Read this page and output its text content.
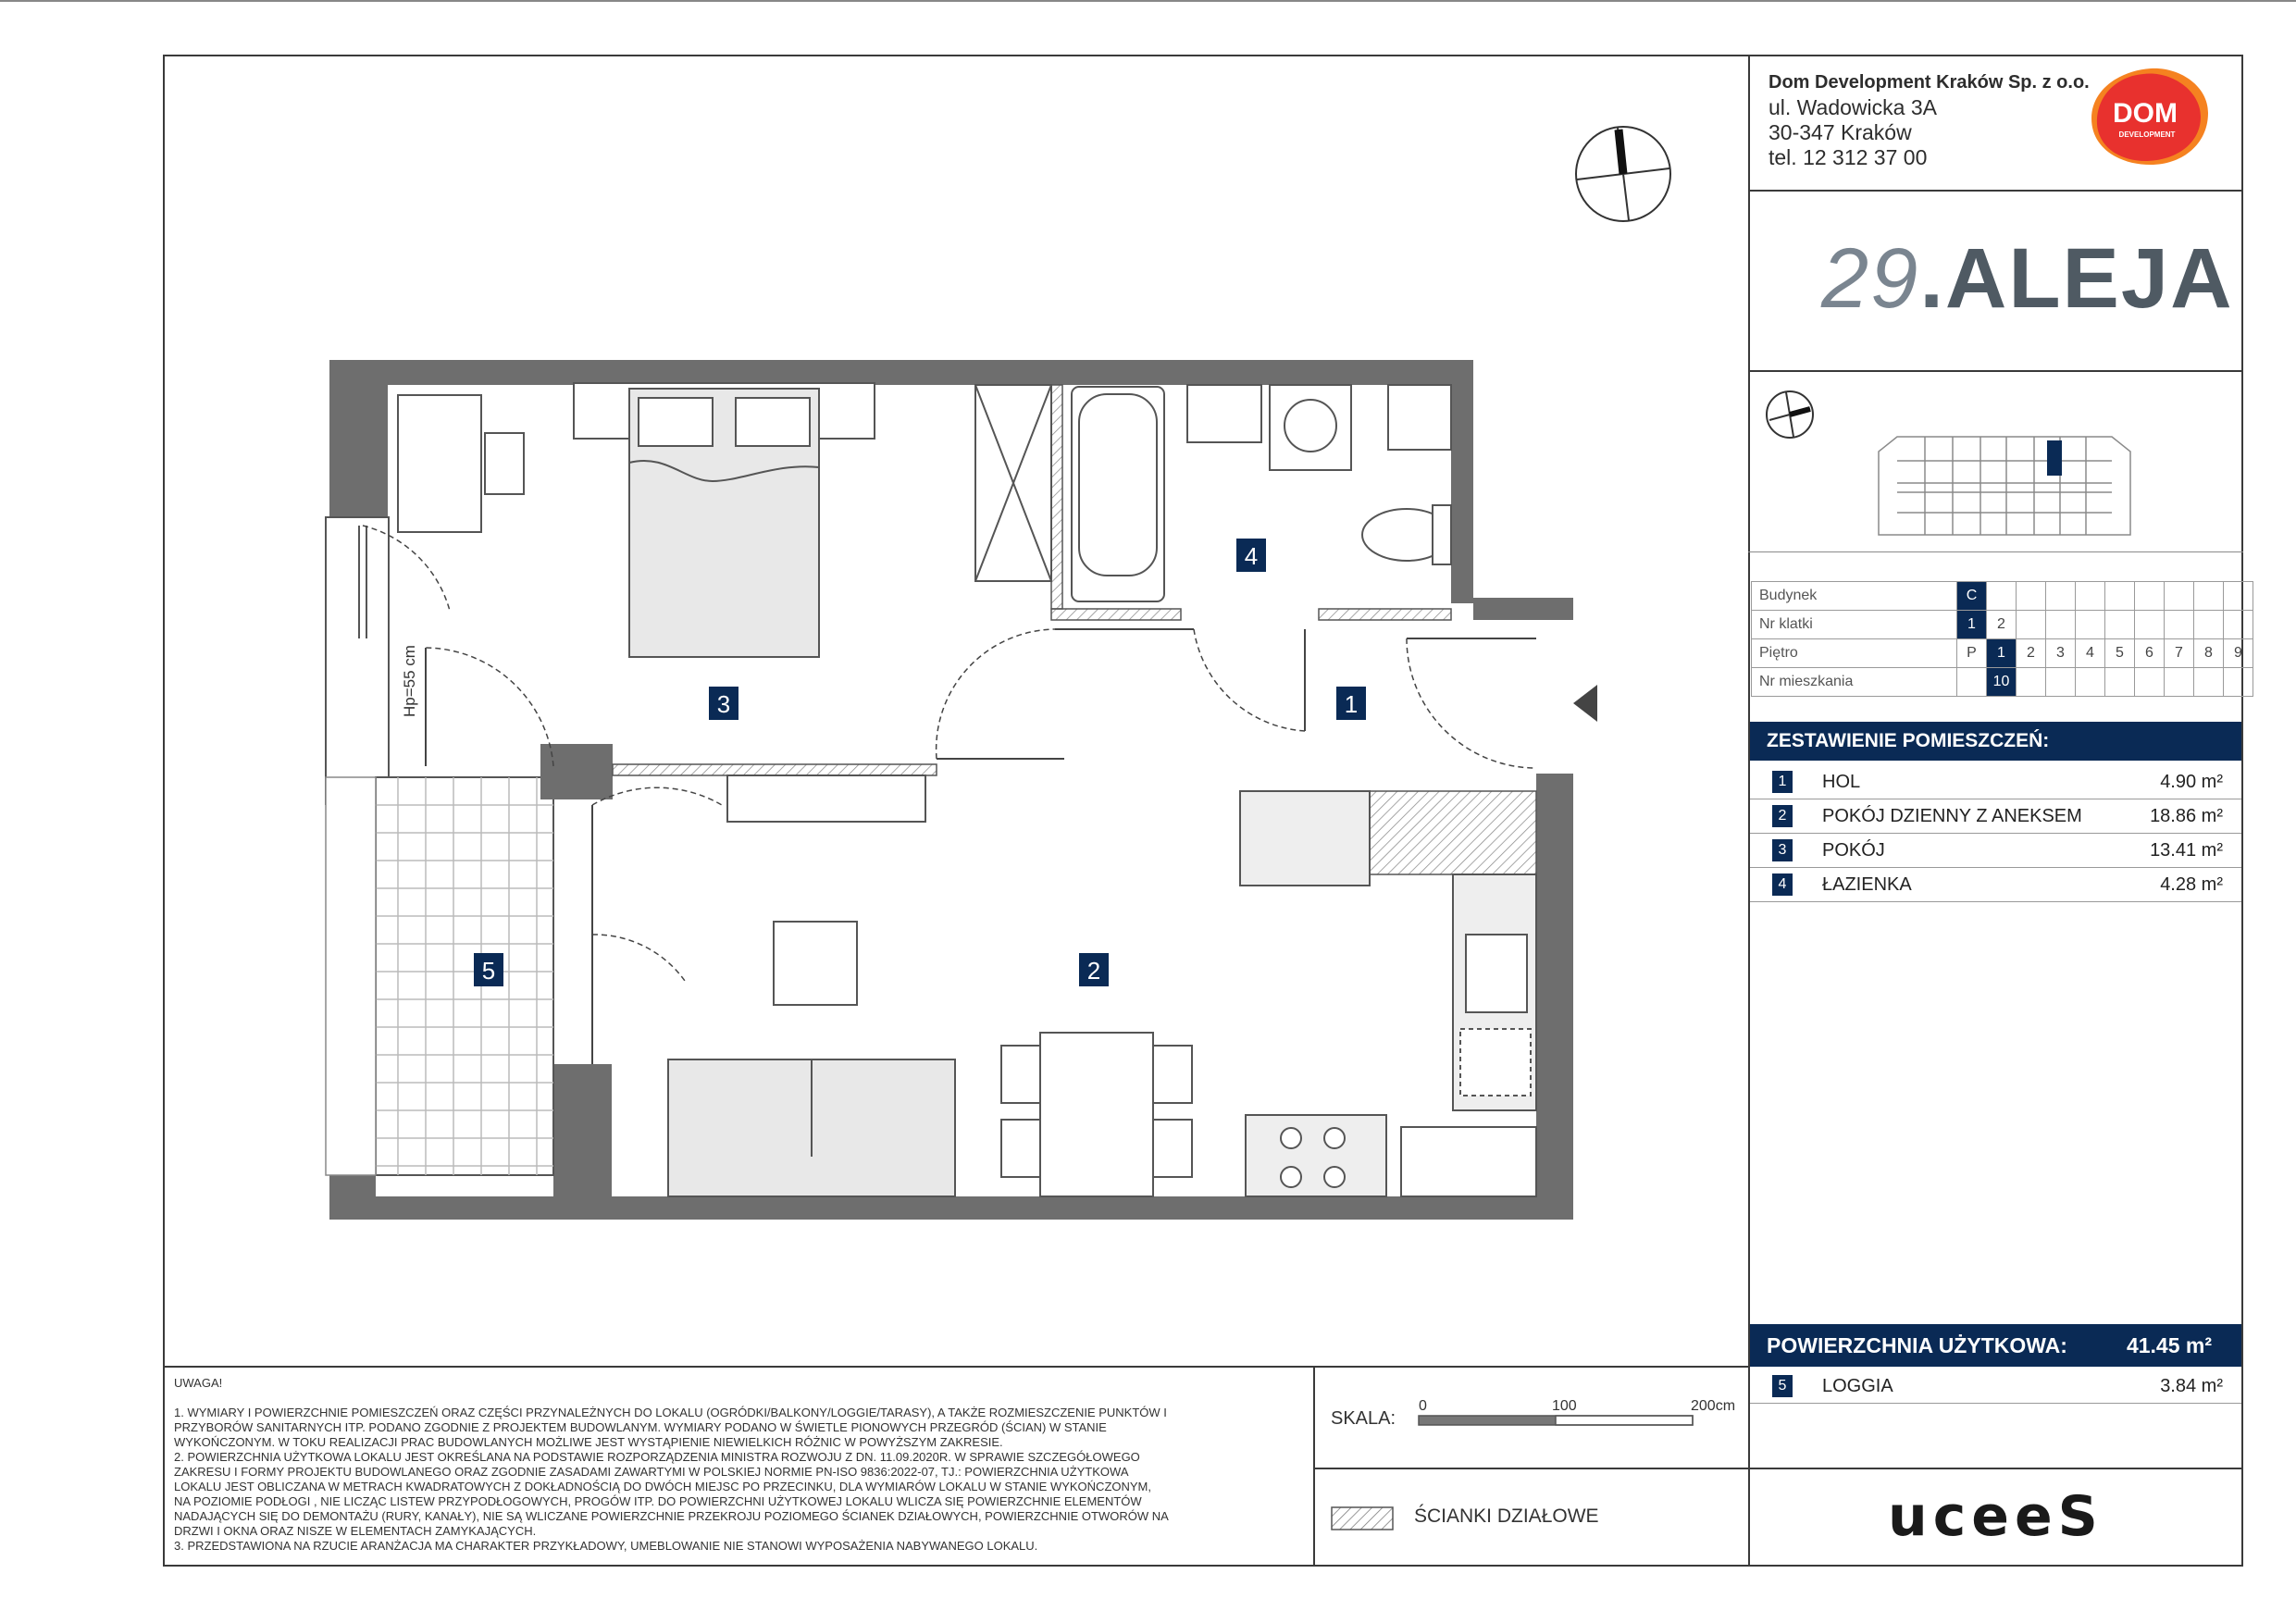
Dom Development Kraków Sp. z o.o.
ul. Wadowicka 3A
30-347 Kraków
tel. 12 312 37 00
DOM
DEVELOPMENT
29.ALEJA
Budynek	C									
Nr klatki	1	2								
Piętro	P	1	2	3	4	5	6	7	8	9
Nr mieszkania		10								
ZESTAWIENIE POMIESZCZEŃ:
1	HOL	4.90 m²
2	POKÓJ DZIENNY Z ANEKSEM	18.86 m²
3	POKÓJ	13.41 m²
4	ŁAZIENKA	4.28 m²
POWIERZCHNIA UŻYTKOWA:	41.45 m²
5	LOGGIA	3.84 m²
uceeS

UWAGA!

1. WYMIARY I POWIERZCHNIE POMIESZCZEŃ ORAZ CZĘŚCI PRZYNALEŻNYCH DO LOKALU (OGRÓDKI/BALKONY/LOGGIE/TARASY), A TAKŻE ROZMIESZCZENIE PUNKTÓW I

PRZYBORÓW SANITARNYCH ITP. PODANO ZGODNIE Z PROJEKTEM BUDOWLANYM. WYMIARY PODANO W ŚWIETLE PIONOWYCH PRZEGRÓD (ŚCIAN) W STANIE

WYKOŃCZONYM. W TOKU REALIZACJI PRAC BUDOWLANYCH MOŻLIWE JEST WYSTĄPIENIE NIEWIELKICH RÓŻNIC W POWYŻSZYM ZAKRESIE.

2. POWIERZCHNIA UŻYTKOWA LOKALU JEST OKREŚLANA NA PODSTAWIE ROZPORZĄDZENIA MINISTRA ROZWOJU Z DN. 11.09.2020R. W SPRAWIE SZCZEGÓŁOWEGO

ZAKRESU I FORMY PROJEKTU BUDOWLANEGO ORAZ ZGODNIE ZASADAMI ZAWARTYMI W POLSKIEJ NORMIE PN-ISO 9836:2022-07, TJ.: POWIERZCHNIA UŻYTKOWA

LOKALU JEST OBLICZANA W METRACH KWADRATOWYCH Z DOKŁADNOŚCIĄ DO DWÓCH MIEJSC PO PRZECINKU, DLA WYMIARÓW LOKALU W STANIE WYKOŃCZONYM,

NA POZIOMIE PODŁOGI , NIE LICZĄC LISTEW PRZYPODŁOGOWYCH, PROGÓW ITP. DO POWIERZCHNI UŻYTKOWEJ LOKALU WLICZA SIĘ POWIERZCHNIE ELEMENTÓW

NADAJĄCYCH SIĘ DO DEMONTAŻU (RURY, KANAŁY), NIE SĄ WLICZANE POWIERZCHNIE PRZEKROJU POZIOMEGO ŚCIANEK DZIAŁOWYCH, POWIERZCHNIE OTWORÓW NA

DRZWI I OKNA ORAZ NISZE W ELEMENTACH ZAMYKAJĄCYCH.

3. PRZEDSTAWIONA NA RZUCIE ARANŻACJA MA CHARAKTER PRZYKŁADOWY, UMEBLOWANIE NIE STANOWI WYPOSAŻENIA NABYWANEGO LOKALU.

SKALA:
0	100	200cm
ŚCIANKI DZIAŁOWE
Hp=55 cm	1
2
3
4
5
